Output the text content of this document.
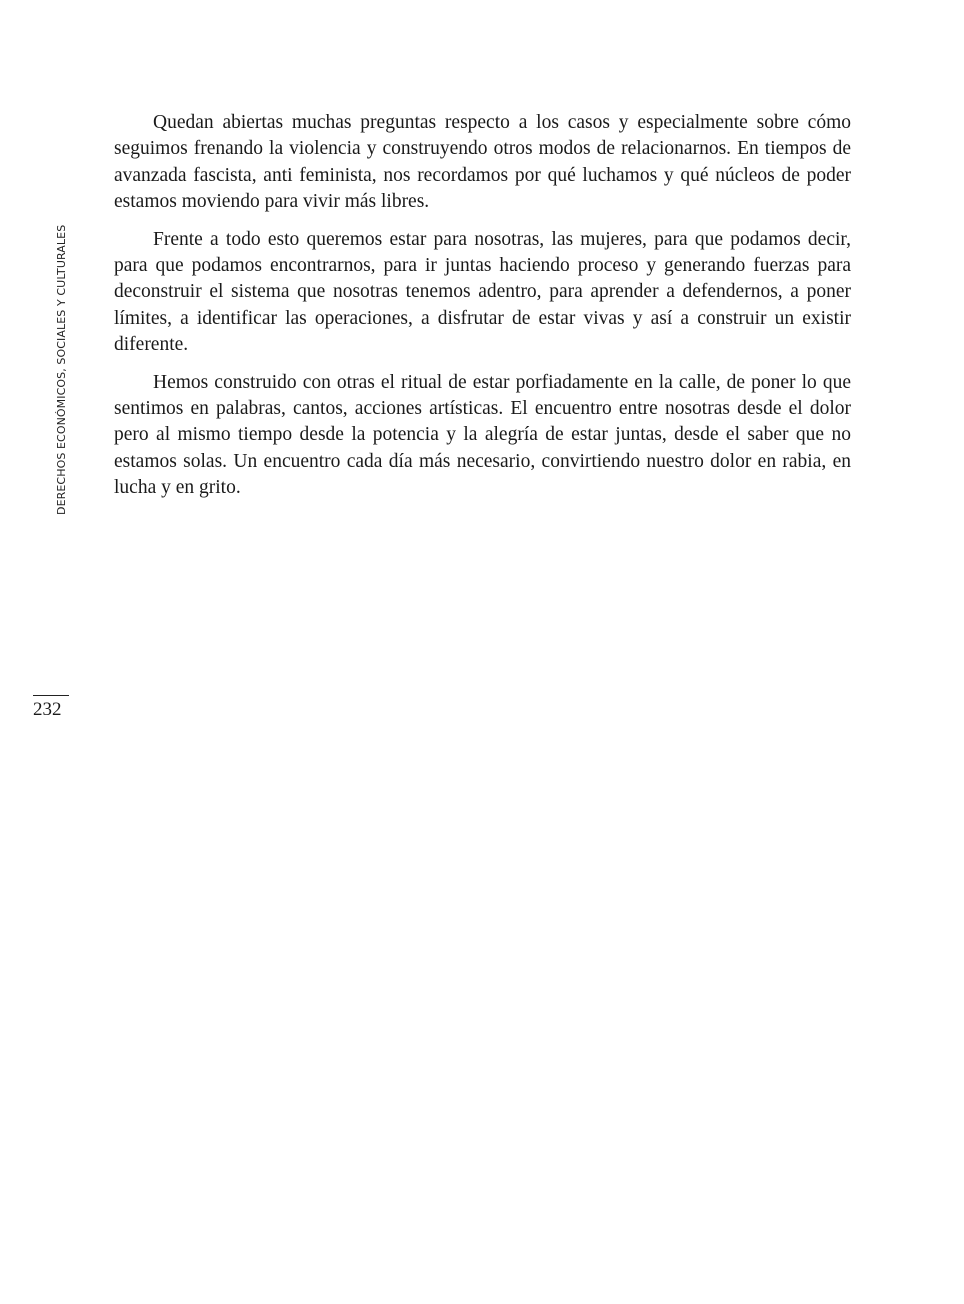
DERECHOS ECONÓMICOS, SOCIALES Y CULTURALES
232

Quedan abiertas muchas preguntas respecto a los casos y especialmente sobre cómo seguimos frenando la violencia y construyendo otros modos de relacionarnos. En tiempos de avanzada fascista, anti feminista, nos recordamos por qué luchamos y qué núcleos de poder estamos moviendo para vivir más libres.

Frente a todo esto queremos estar para nosotras, las mujeres, para que podamos decir, para que podamos encontrarnos, para ir juntas haciendo proceso y generando fuerzas para deconstruir el sistema que nosotras tenemos adentro, para aprender a defendernos, a poner límites, a identificar las operaciones, a disfrutar de estar vivas y así a construir un existir diferente.

Hemos construido con otras el ritual de estar porfiadamente en la calle, de poner lo que sentimos en palabras, cantos, acciones artísticas. El encuentro entre nosotras desde el dolor pero al mismo tiempo desde la potencia y la alegría de estar juntas, desde el saber que no estamos solas. Un encuentro cada día más necesario, convirtiendo nuestro dolor en rabia, en lucha y en grito.
